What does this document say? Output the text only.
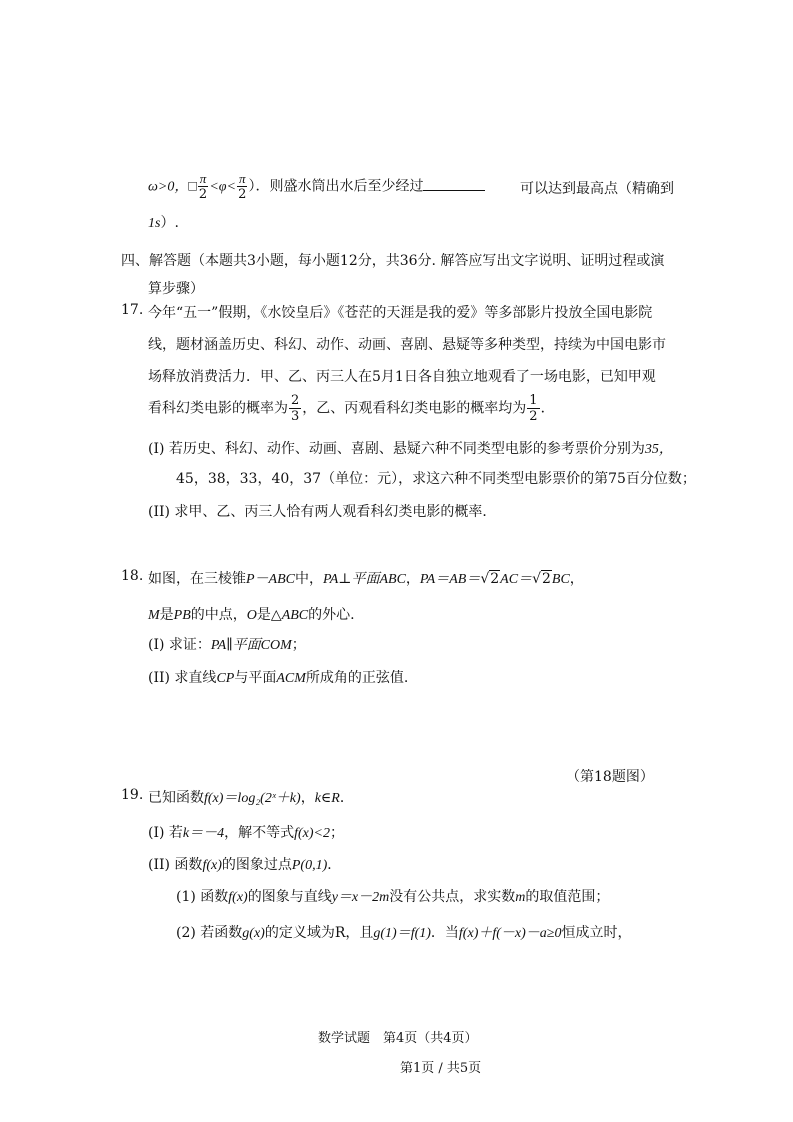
ω>0，□ $\frac{\pi}{2} <\varphi< \frac{\pi}{2}$ ）．则盛水筒出水后至少经过	可以达到最高点（精确到
1s）.
四、解答题（本题共3小题，每小题12分，共36分. 解答应写出文字说明、证明过程或演
算步骤）
17. 今年“五一”假期，《水饺皇后》《苍茫的天涯是我的爱》等多部影片投放全国电影院
线，题材涵盖历史、科幻、动作、动画、喜剧、悬疑等多种类型，持续为中国电影市
场释放消费活力．甲、乙、丙三人在5月1日各自独立地观看了一场电影，已知甲观
看科幻类电影的概率为 $\frac{2}{3}$ ，乙、丙观看科幻类电影的概率均为 $\frac{1}{2}$ ．
(I) 若历史、科幻、动作、动画、喜剧、悬疑六种不同类型电影的参考票价分别为35，
45，38，33，40，37（单位：元），求这六种不同类型电影票价的第75百分位数；
(II) 求甲、乙、丙三人恰有两人观看科幻类电影的概率．
18. 如图，在三棱锥P－ABC中，PA⊥平面ABC，PA＝AB＝√2AC＝√2BC，
M是PB的中点，O是△ABC的外心.
(I) 求证：PA∥平面COM；
(II) 求直线CP与平面ACM所成角的正弦值.
（第18题图）
19. 已知函数f(x)＝log₂(2ˣ＋k)，k∈R．
(I) 若k＝－4，解不等式f(x)<2；
(II) 函数f(x)的图象过点P(0,1)．
(1) 函数f(x)的图象与直线y＝x－2m没有公共点，求实数m的取值范围；
(2) 若函数g(x)的定义域为R，且g(1)＝f(1)．当f(x)＋f(－x)－a≥0恒成立时，
数学试题　第4页（共4页）
第1页 / 共5页
